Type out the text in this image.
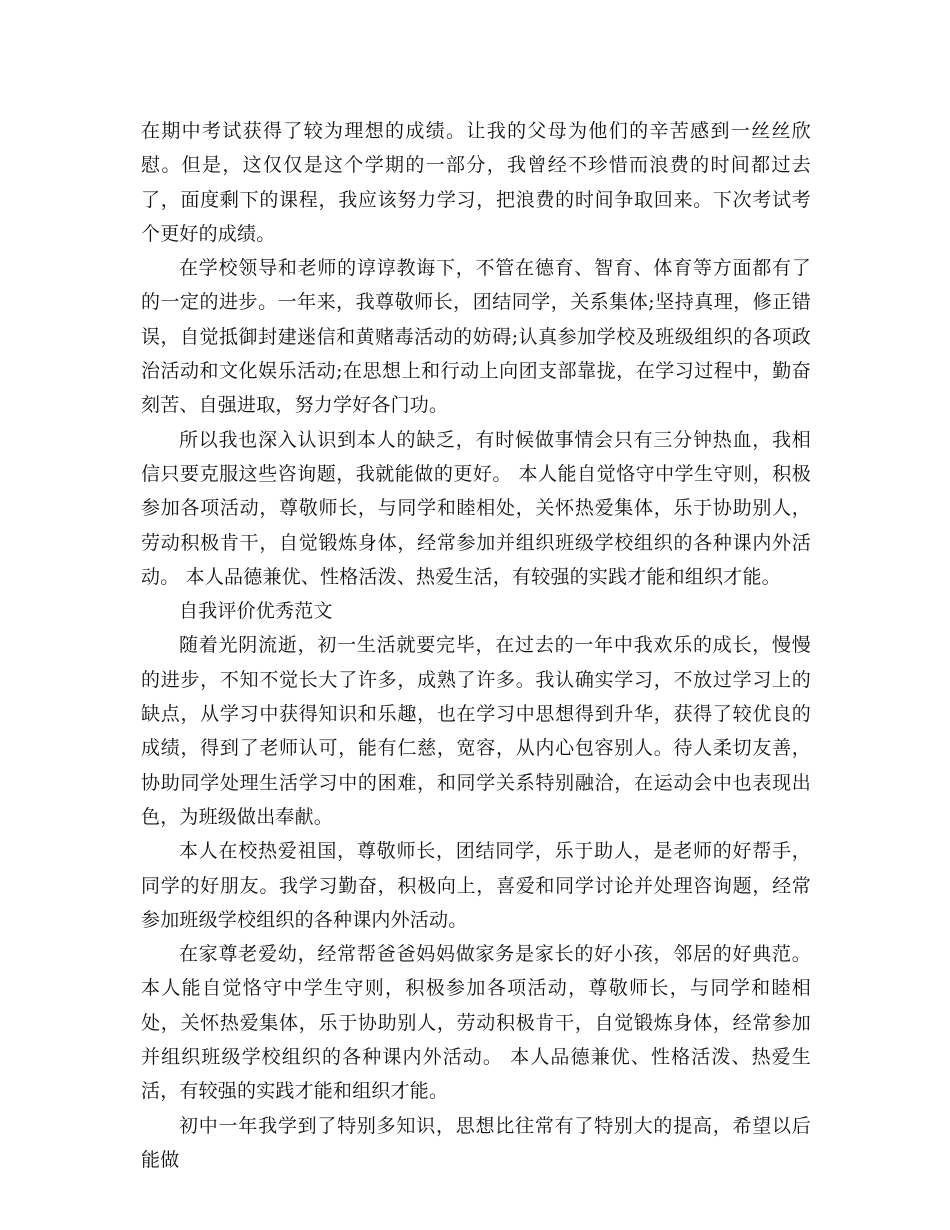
在期中考试获得了较为理想的成绩。让我的父母为他们的辛苦感到一丝丝欣慰。但是，这仅仅是这个学期的一部分，我曾经不珍惜而浪费的时间都过去了，面度剩下的课程，我应该努力学习，把浪费的时间争取回来。下次考试考个更好的成绩。

在学校领导和老师的谆谆教诲下，不管在德育、智育、体育等方面都有了的一定的进步。一年来，我尊敬师长，团结同学，关系集体;坚持真理，修正错误，自觉抵御封建迷信和黄赌毒活动的妨碍;认真参加学校及班级组织的各项政治活动和文化娱乐活动;在思想上和行动上向团支部靠拢，在学习过程中，勤奋刻苦、自强进取，努力学好各门功。

所以我也深入认识到本人的缺乏，有时候做事情会只有三分钟热血，我相信只要克服这些咨询题，我就能做的更好。 本人能自觉恪守中学生守则，积极参加各项活动，尊敬师长，与同学和睦相处，关怀热爱集体，乐于协助别人，劳动积极肯干，自觉锻炼身体，经常参加并组织班级学校组织的各种课内外活动。 本人品德兼优、性格活泼、热爱生活，有较强的实践才能和组织才能。

自我评价优秀范文

随着光阴流逝，初一生活就要完毕，在过去的一年中我欢乐的成长，慢慢的进步，不知不觉长大了许多，成熟了许多。我认确实学习，不放过学习上的缺点，从学习中获得知识和乐趣，也在学习中思想得到升华，获得了较优良的成绩，得到了老师认可，能有仁慈，宽容，从内心包容别人。待人柔切友善，协助同学处理生活学习中的困难，和同学关系特别融洽，在运动会中也表现出色，为班级做出奉献。

本人在校热爱祖国，尊敬师长，团结同学，乐于助人，是老师的好帮手，同学的好朋友。我学习勤奋，积极向上，喜爱和同学讨论并处理咨询题，经常参加班级学校组织的各种课内外活动。

在家尊老爱幼，经常帮爸爸妈妈做家务是家长的好小孩，邻居的好典范。本人能自觉恪守中学生守则，积极参加各项活动，尊敬师长，与同学和睦相处，关怀热爱集体，乐于协助别人，劳动积极肯干，自觉锻炼身体，经常参加并组织班级学校组织的各种课内外活动。 本人品德兼优、性格活泼、热爱生活，有较强的实践才能和组织才能。

初中一年我学到了特别多知识，思想比往常有了特别大的提高，希望以后能做
